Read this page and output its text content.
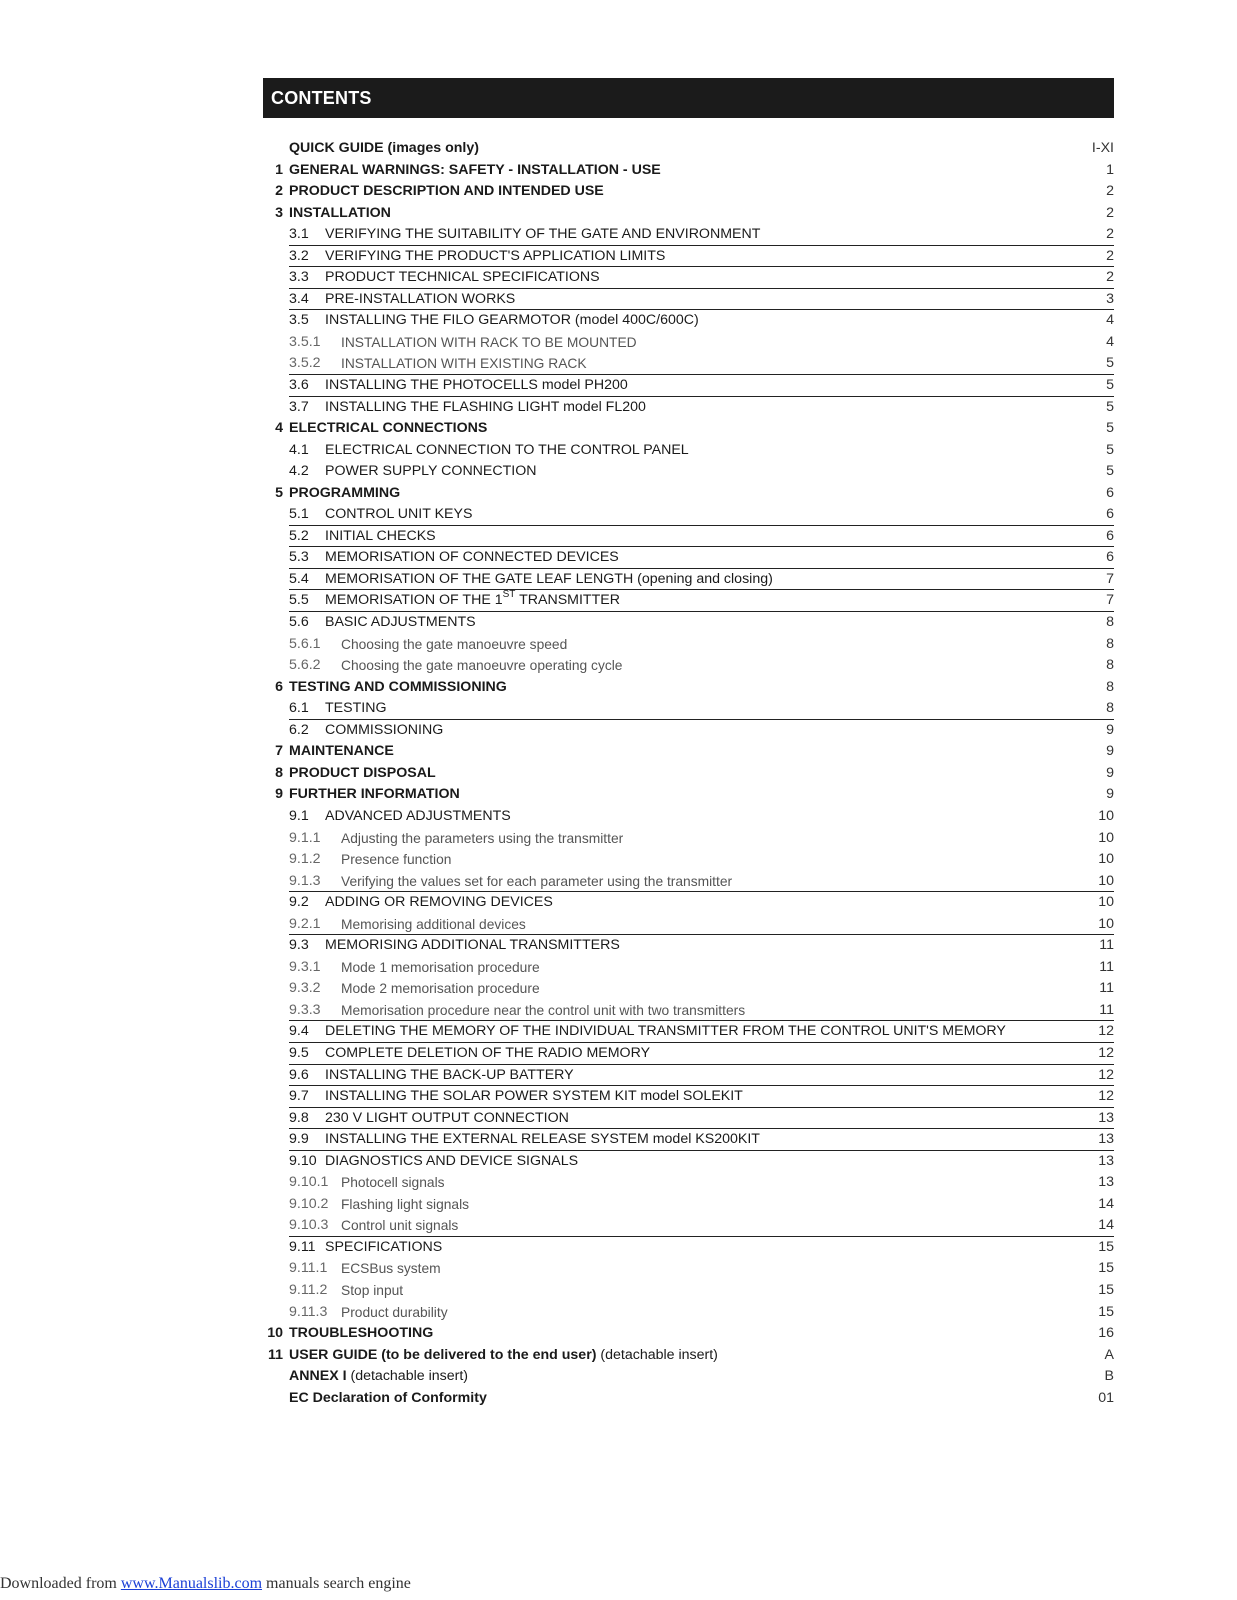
CONTENTS
QUICK GUIDE (images only)	I-XI
1 GENERAL WARNINGS: SAFETY - INSTALLATION - USE	1
2 PRODUCT DESCRIPTION AND INTENDED USE	2
3 INSTALLATION	2
3.1 VERIFYING THE SUITABILITY OF THE GATE AND ENVIRONMENT	2
3.2 VERIFYING THE PRODUCT'S APPLICATION LIMITS	2
3.3 PRODUCT TECHNICAL SPECIFICATIONS	2
3.4 PRE-INSTALLATION WORKS	3
3.5 INSTALLING THE FILO GEARMOTOR (model 400C/600C)	4
3.5.1 INSTALLATION WITH RACK TO BE MOUNTED	4
3.5.2 INSTALLATION WITH EXISTING RACK	5
3.6 INSTALLING THE PHOTOCELLS model PH200	5
3.7 INSTALLING THE FLASHING LIGHT model FL200	5
4 ELECTRICAL CONNECTIONS	5
4.1 ELECTRICAL CONNECTION TO THE CONTROL PANEL	5
4.2 POWER SUPPLY CONNECTION	5
5 PROGRAMMING	6
5.1 CONTROL UNIT KEYS	6
5.2 INITIAL CHECKS	6
5.3 MEMORISATION OF CONNECTED DEVICES	6
5.4 MEMORISATION OF THE GATE LEAF LENGTH (opening and closing)	7
5.5 MEMORISATION OF THE 1ST TRANSMITTER	7
5.6 BASIC ADJUSTMENTS	8
5.6.1 Choosing the gate manoeuvre speed	8
5.6.2 Choosing the gate manoeuvre operating cycle	8
6 TESTING AND COMMISSIONING	8
6.1 TESTING	8
6.2 COMMISSIONING	9
7 MAINTENANCE	9
8 PRODUCT DISPOSAL	9
9 FURTHER INFORMATION	9
9.1 ADVANCED ADJUSTMENTS	10
9.1.1 Adjusting the parameters using the transmitter	10
9.1.2 Presence function	10
9.1.3 Verifying the values set for each parameter using the transmitter	10
9.2 ADDING OR REMOVING DEVICES	10
9.2.1 Memorising additional devices	10
9.3 MEMORISING ADDITIONAL TRANSMITTERS	11
9.3.1 Mode 1 memorisation procedure	11
9.3.2 Mode 2 memorisation procedure	11
9.3.3 Memorisation procedure near the control unit with two transmitters	11
9.4 DELETING THE MEMORY OF THE INDIVIDUAL TRANSMITTER FROM THE CONTROL UNIT'S MEMORY	12
9.5 COMPLETE DELETION OF THE RADIO MEMORY	12
9.6 INSTALLING THE BACK-UP BATTERY	12
9.7 INSTALLING THE SOLAR POWER SYSTEM KIT model SOLEKIT	12
9.8 230 V LIGHT OUTPUT CONNECTION	13
9.9 INSTALLING THE EXTERNAL RELEASE SYSTEM model KS200KIT	13
9.10 DIAGNOSTICS AND DEVICE SIGNALS	13
9.10.1 Photocell signals	13
9.10.2 Flashing light signals	14
9.10.3 Control unit signals	14
9.11 SPECIFICATIONS	15
9.11.1 ECSBus system	15
9.11.2 Stop input	15
9.11.3 Product durability	15
10 TROUBLESHOOTING	16
11 USER GUIDE (to be delivered to the end user) (detachable insert)	A
ANNEX I (detachable insert)	B
EC Declaration of Conformity	01
Downloaded from www.Manualslib.com manuals search engine
